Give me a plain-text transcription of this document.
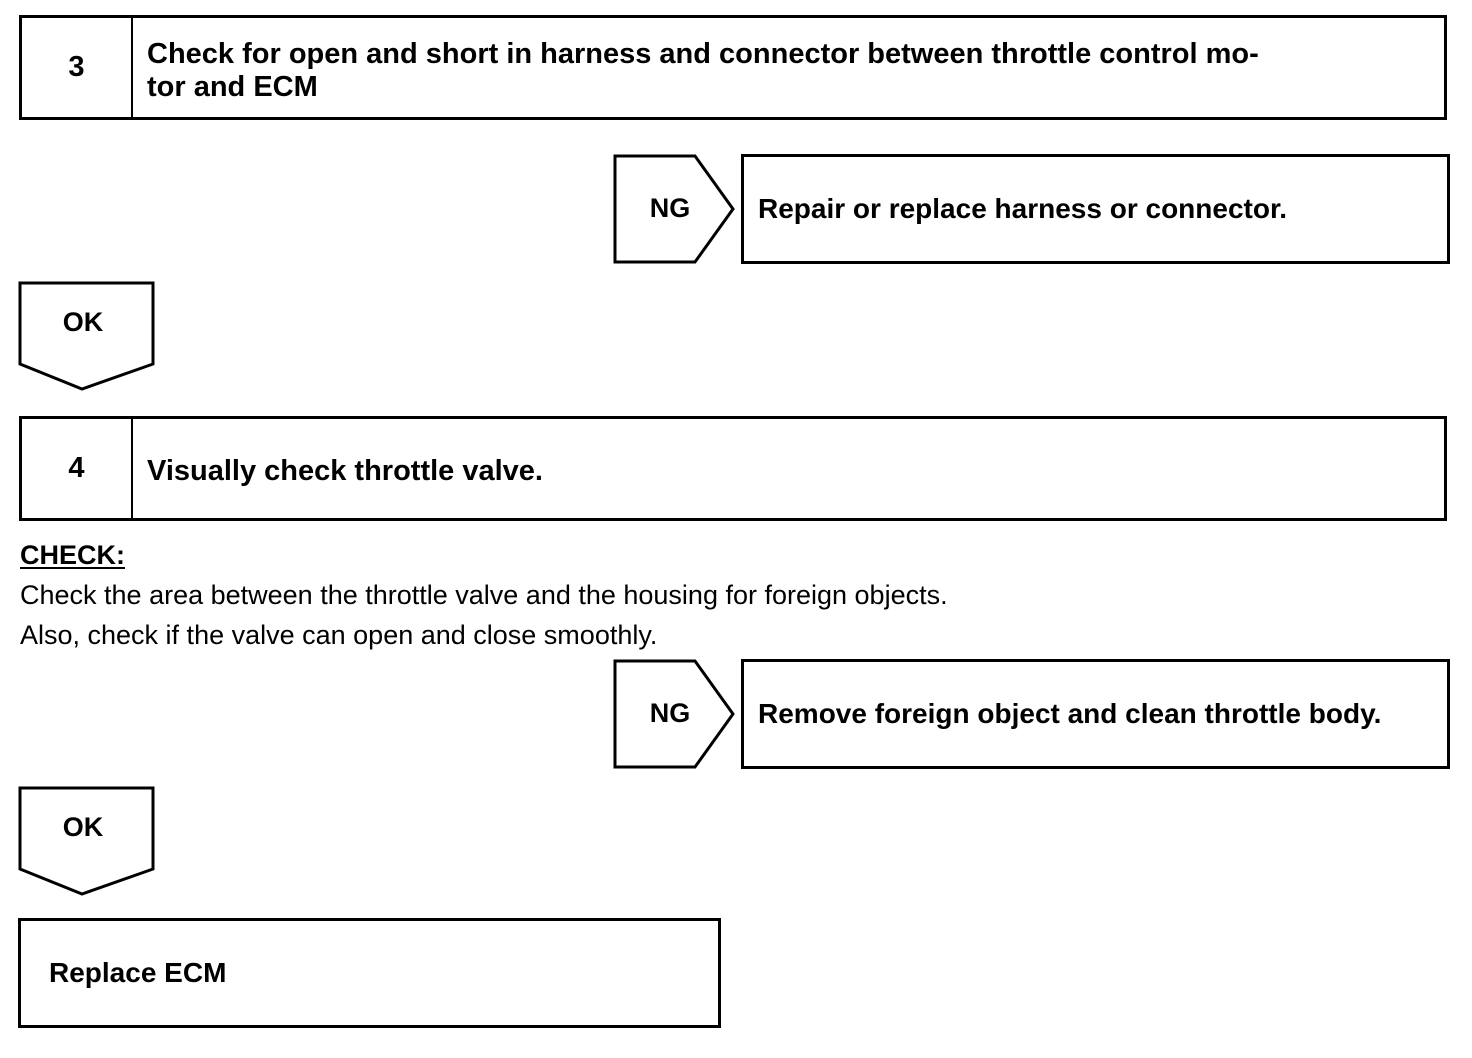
3	Check for open and short in harness and connector between throttle control mo-
tor and ECM
NG	Repair or replace harness or connector.
OK
4	Visually check throttle valve.
CHECK:
Check the area between the throttle valve and the housing for foreign objects.
Also, check if the valve can open and close smoothly.
NG	Remove foreign object and clean throttle body.
OK
Replace ECM
